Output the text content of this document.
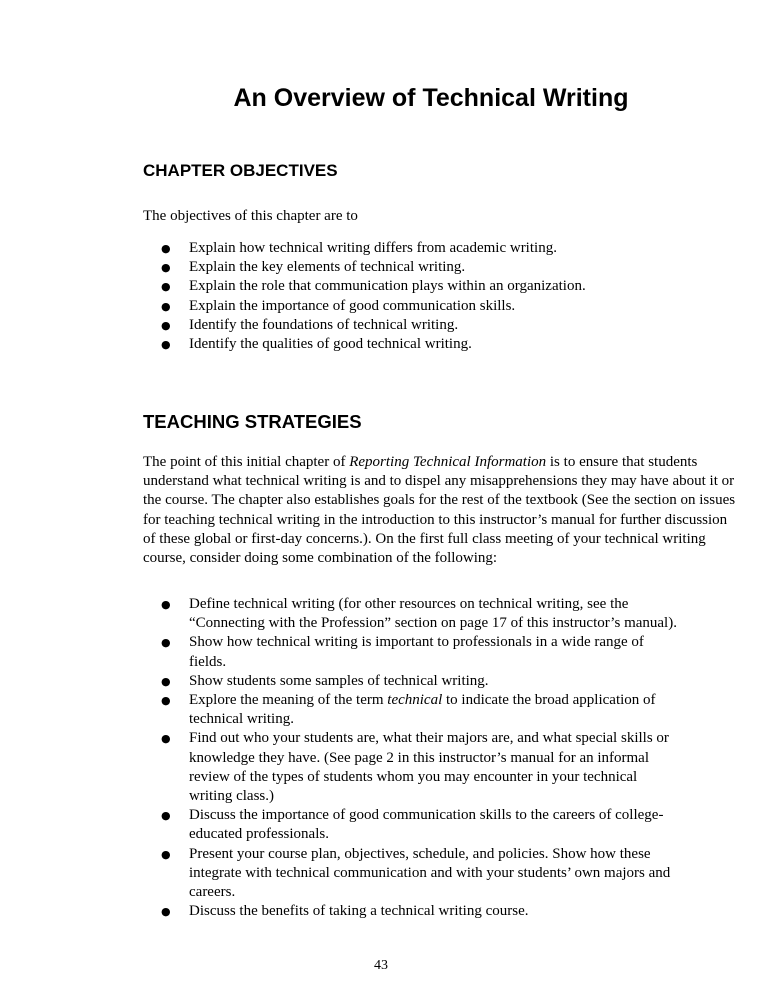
An Overview of Technical Writing
CHAPTER OBJECTIVES

The objectives of this chapter are to

● Explain how technical writing differs from academic writing.
● Explain the key elements of technical writing.
● Explain the role that communication plays within an organization.
● Explain the importance of good communication skills.
● Identify the foundations of technical writing.
● Identify the qualities of good technical writing.
TEACHING STRATEGIES

The point of this initial chapter of Reporting Technical Information is to ensure that students understand what technical writing is and to dispel any misapprehensions they may have about it or the course. The chapter also establishes goals for the rest of the textbook (See the section on issues for teaching technical writing in the introduction to this instructor’s manual for further discussion of these global or first-day concerns.). On the first full class meeting of your technical writing course, consider doing some combination of the following:

● Define technical writing (for other resources on technical writing, see the “Connecting with the Profession” section on page 17 of this instructor’s manual).
● Show how technical writing is important to professionals in a wide range of fields.
● Show students some samples of technical writing.
● Explore the meaning of the term technical to indicate the broad application of technical writing.
● Find out who your students are, what their majors are, and what special skills or knowledge they have. (See page 2 in this instructor’s manual for an informal review of the types of students whom you may encounter in your technical writing class.)
● Discuss the importance of good communication skills to the careers of college-educated professionals.
● Present your course plan, objectives, schedule, and policies. Show how these integrate with technical communication and with your students’ own majors and careers.
● Discuss the benefits of taking a technical writing course.

43
